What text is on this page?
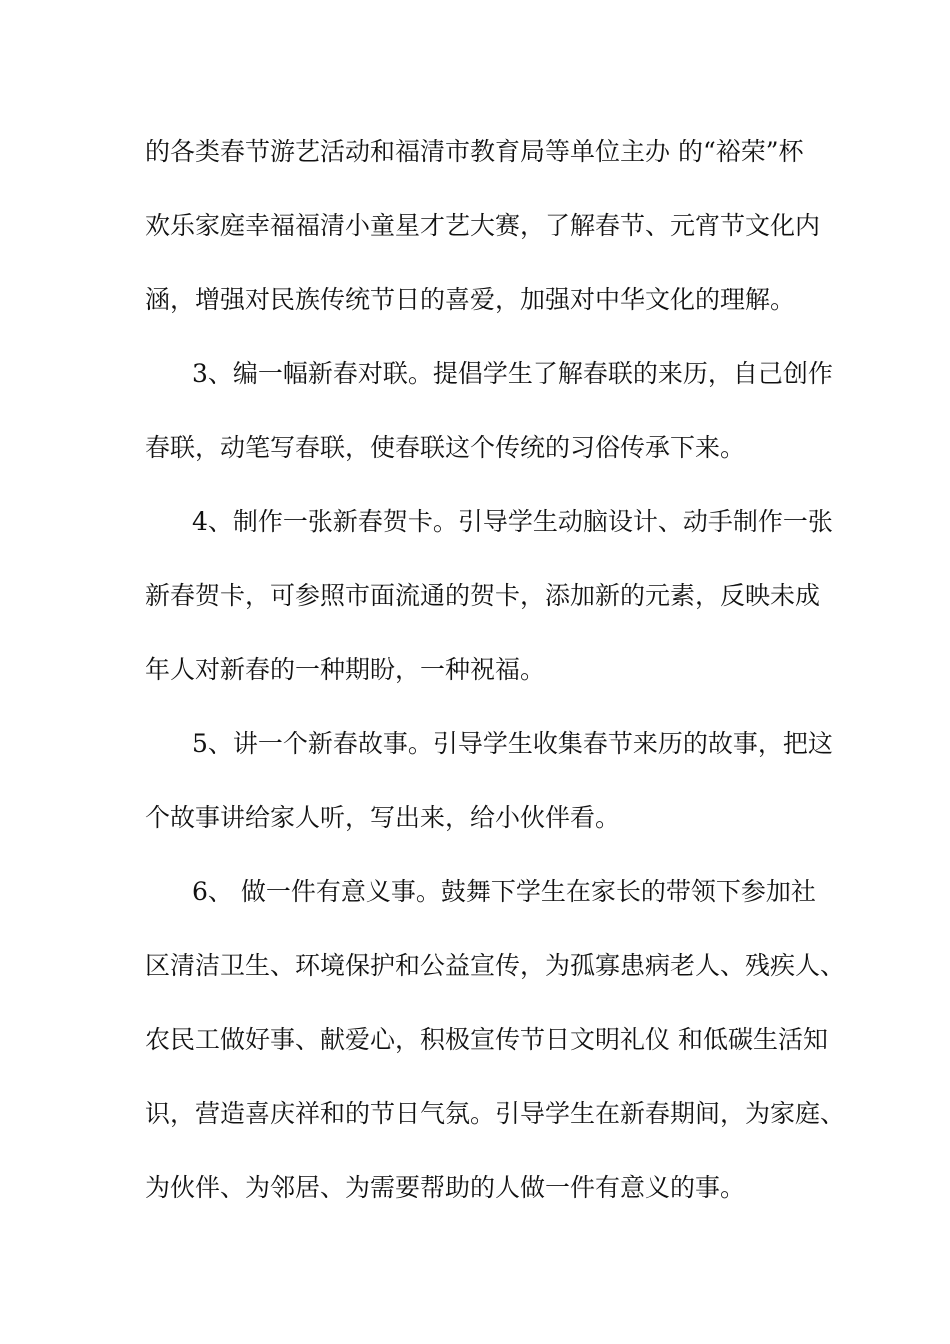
的各类春节游艺活动和福清市教育局等单位主办 的“裕荣”杯
欢乐家庭幸福福清小童星才艺大赛，了解春节、元宵节文化内
涵，增强对民族传统节日的喜爱，加强对中华文化的理解。
3、编一幅新春对联。提倡学生了解春联的来历，自己创作
春联，动笔写春联，使春联这个传统的习俗传承下来。
4、制作一张新春贺卡。引导学生动脑设计、动手制作一张
新春贺卡，可参照市面流通的贺卡，添加新的元素，反映未成
年人对新春的一种期盼，一种祝福。
5、讲一个新春故事。引导学生收集春节来历的故事，把这
个故事讲给家人听，写出来，给小伙伴看。
6、 做一件有意义事。鼓舞下学生在家长的带领下参加社
区清洁卫生、环境保护和公益宣传，为孤寡患病老人、残疾人、
农民工做好事、献爱心，积极宣传节日文明礼仪 和低碳生活知
识，营造喜庆祥和的节日气氛。引导学生在新春期间，为家庭、
为伙伴、为邻居、为需要帮助的人做一件有意义的事。
